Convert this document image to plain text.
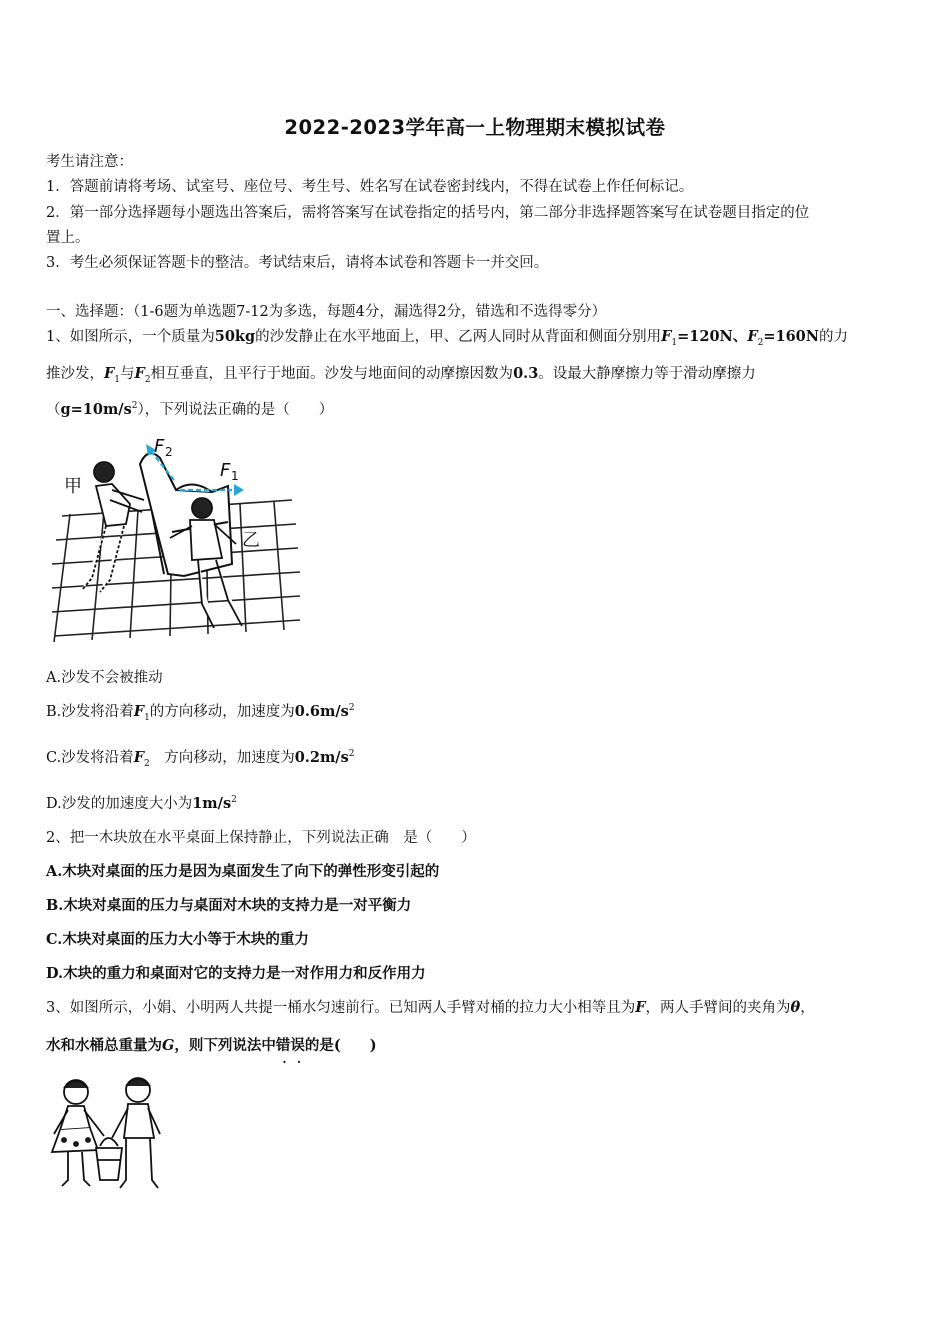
2022-2023学年高一上物理期末模拟试卷
考生请注意：
1．答题前请将考场、试室号、座位号、考生号、姓名写在试卷密封线内，不得在试卷上作任何标记。
2．第一部分选择题每小题选出答案后，需将答案写在试卷指定的括号内，第二部分非选择题答案写在试卷题目指定的位
置上。
3．考生必须保证答题卡的整洁。考试结束后，请将本试卷和答题卡一并交回。
一、选择题：（1-6题为单选题7-12为多选，每题4分，漏选得2分，错选和不选得零分）
1、如图所示，一个质量为50kg的沙发静止在水平地面上，甲、乙两人同时从背面和侧面分别用$F_1=120N$、$F_2=160N$的力
推沙发，$F_1$与$F_2$相互垂直，且平行于地面。沙发与地面间的动摩擦因数为0.3。设最大静摩擦力等于滑动摩擦力
$(g=10m/s^2)$，下列说法正确的是（　　）
F 2
F 1
甲
乙
A.沙发不会被推动
B.沙发将沿着$F_1$的方向移动，加速度为$0.6m/s^2$
C.沙发将沿着$F_2$　方向移动，加速度为$0.2m/s^2$
D.沙发的加速度大小为$1m/s^2$
2、把一木块放在水平桌面上保持静止，下列说法正确　是（　　）
A.木块对桌面的压力是因为桌面发生了向下的弹性形变引起的
B.木块对桌面的压力与桌面对木块的支持力是一对平衡力
C.木块对桌面的压力大小等于木块的重力
D.木块的重力和桌面对它的支持力是一对作用力和反作用力
3、如图所示，小娟、小明两人共提一桶水匀速前行。已知两人手臂对桶的拉力大小相等且为F，两人手臂间的夹角为θ，
水和水桶总重量为G，则下列说法中错误的是(　　)
